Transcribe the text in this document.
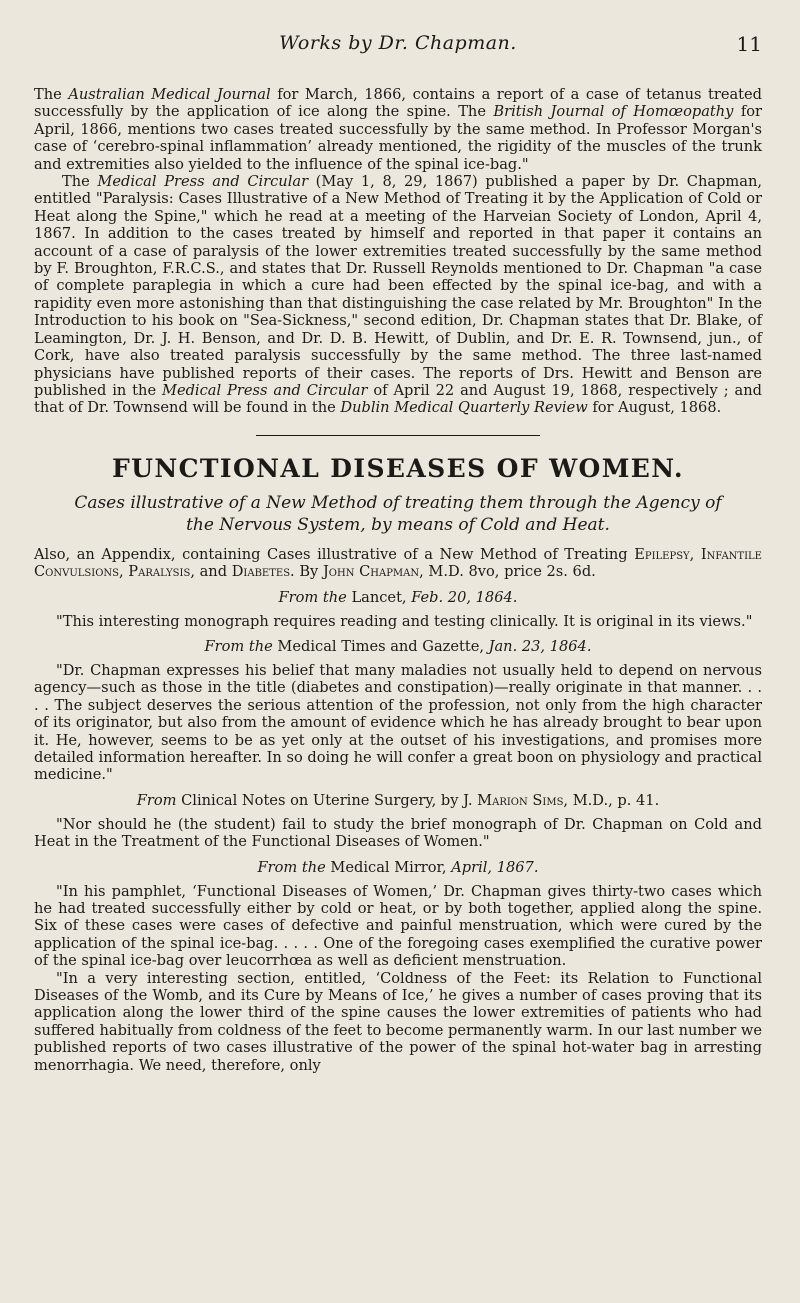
Works by Dr. Chapman.	11

The Australian Medical Journal for March, 1866, contains a report of a case of tetanus treated successfully by the application of ice along the spine. The British Journal of Homœopathy for April, 1866, mentions two cases treated successfully by the same method. In Professor Morgan's case of ‘cerebro-spinal inflammation’ already mentioned, the rigidity of the muscles of the trunk and extremities also yielded to the influence of the spinal ice-bag."

The Medical Press and Circular (May 1, 8, 29, 1867) published a paper by Dr. Chapman, entitled "Paralysis: Cases Illustrative of a New Method of Treating it by the Application of Cold or Heat along the Spine," which he read at a meeting of the Harveian Society of London, April 4, 1867. In addition to the cases treated by himself and reported in that paper it contains an account of a case of paralysis of the lower extremities treated successfully by the same method by F. Broughton, F.R.C.S., and states that Dr. Russell Reynolds mentioned to Dr. Chapman "a case of complete paraplegia in which a cure had been effected by the spinal ice-bag, and with a rapidity even more astonishing than that distinguishing the case related by Mr. Broughton" In the Introduction to his book on "Sea-Sickness," second edition, Dr. Chapman states that Dr. Blake, of Leamington, Dr. J. H. Benson, and Dr. D. B. Hewitt, of Dublin, and Dr. E. R. Townsend, jun., of Cork, have also treated paralysis successfully by the same method. The three last-named physicians have published reports of their cases. The reports of Drs. Hewitt and Benson are published in the Medical Press and Circular of April 22 and August 19, 1868, respectively ; and that of Dr. Townsend will be found in the Dublin Medical Quarterly Review for August, 1868.

FUNCTIONAL DISEASES OF WOMEN.
Cases illustrative of a New Method of treating them through the Agency of the Nervous System, by means of Cold and Heat.

Also, an Appendix, containing Cases illustrative of a New Method of Treating Epilepsy, Infantile Convulsions, Paralysis, and Diabetes. By John Chapman, M.D. 8vo, price 2s. 6d.

From the Lancet, Feb. 20, 1864.

"This interesting monograph requires reading and testing clinically. It is original in its views."

From the Medical Times and Gazette, Jan. 23, 1864.

"Dr. Chapman expresses his belief that many maladies not usually held to depend on nervous agency—such as those in the title (diabetes and constipation)—really originate in that manner. . . . . The subject deserves the serious attention of the profession, not only from the high character of its originator, but also from the amount of evidence which he has already brought to bear upon it. He, however, seems to be as yet only at the outset of his investigations, and promises more detailed information hereafter. In so doing he will confer a great boon on physiology and practical medicine."

From Clinical Notes on Uterine Surgery, by J. Marion Sims, M.D., p. 41.

"Nor should he (the student) fail to study the brief monograph of Dr. Chapman on Cold and Heat in the Treatment of the Functional Diseases of Women."

From the Medical Mirror, April, 1867.

"In his pamphlet, ‘Functional Diseases of Women,’ Dr. Chapman gives thirty-two cases which he had treated successfully either by cold or heat, or by both together, applied along the spine. Six of these cases were cases of defective and painful menstruation, which were cured by the application of the spinal ice-bag. . . . . One of the foregoing cases exemplified the curative power of the spinal ice-bag over leucorrhœa as well as deficient menstruation.

"In a very interesting section, entitled, ‘Coldness of the Feet: its Relation to Functional Diseases of the Womb, and its Cure by Means of Ice,’ he gives a number of cases proving that its application along the lower third of the spine causes the lower extremities of patients who had suffered habitually from coldness of the feet to become permanently warm. In our last number we published reports of two cases illustrative of the power of the spinal hot-water bag in arresting menorrhagia. We need, therefore, only
